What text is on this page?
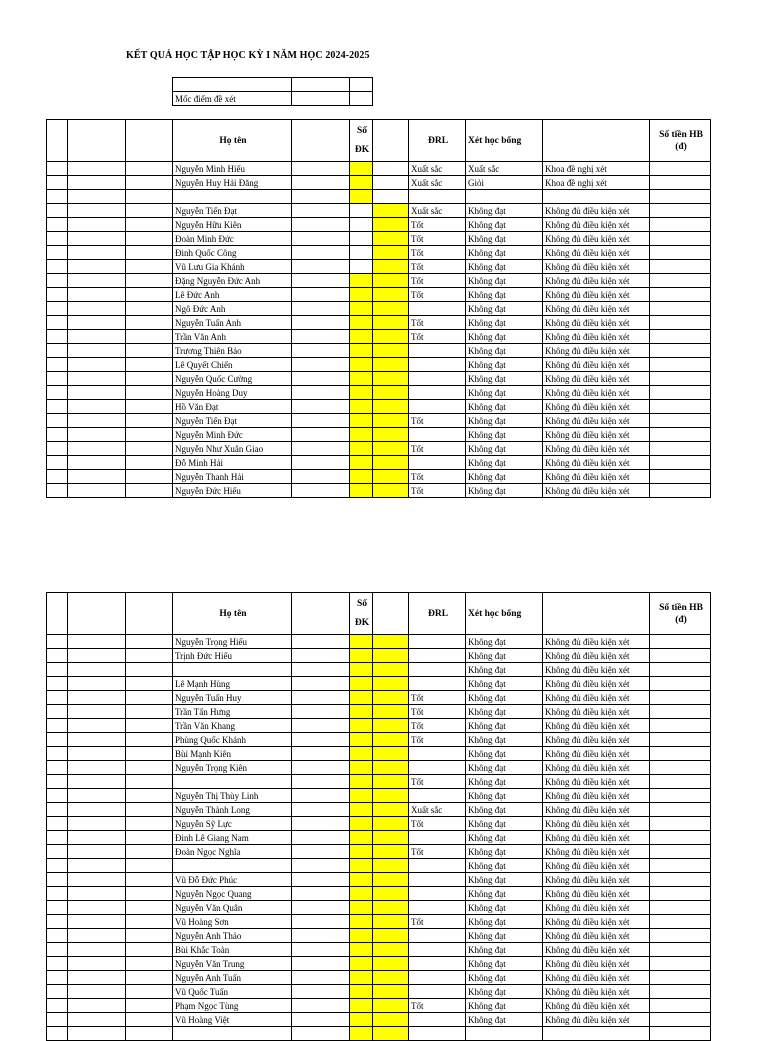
KẾT QUẢ HỌC TẬP HỌC KỲ I NĂM HỌC 2024-2025

Mốc điểm đề xét		
			Họ tên		Số
ĐK		ĐRL	Xét học bổng		Số tiền HB
(đ)
			Nguyễn Minh Hiếu				Xuất sắc	Xuất sắc	Khoa đề nghị xét	
			Nguyễn Huy Hải Đăng				Xuất sắc	Giỏi	Khoa đề nghị xét	

			Nguyễn Tiến Đạt				Xuất sắc	Không đạt	Không đủ điều kiện xét	
			Nguyễn Hữu Kiên				Tốt	Không đạt	Không đủ điều kiện xét	
			Đoàn Minh Đức				Tốt	Không đạt	Không đủ điều kiện xét	
			Đinh Quốc Công				Tốt	Không đạt	Không đủ điều kiện xét	
			Vũ Lưu Gia Khánh				Tốt	Không đạt	Không đủ điều kiện xét	
			Đặng Nguyễn Đức Anh				Tốt	Không đạt	Không đủ điều kiện xét	
			Lê Đức Anh				Tốt	Không đạt	Không đủ điều kiện xét	
			Ngô Đức Anh					Không đạt	Không đủ điều kiện xét	
			Nguyễn Tuấn Anh				Tốt	Không đạt	Không đủ điều kiện xét	
			Trần Văn Anh				Tốt	Không đạt	Không đủ điều kiện xét	
			Trương Thiên Bảo					Không đạt	Không đủ điều kiện xét	
			Lê Quyết Chiến					Không đạt	Không đủ điều kiện xét	
			Nguyễn Quốc Cường					Không đạt	Không đủ điều kiện xét	
			Nguyễn Hoàng Duy					Không đạt	Không đủ điều kiện xét	
			Hồ Văn Đạt					Không đạt	Không đủ điều kiện xét	
			Nguyễn Tiến Đạt				Tốt	Không đạt	Không đủ điều kiện xét	
			Nguyễn Minh Đức					Không đạt	Không đủ điều kiện xét	
			Nguyễn Như Xuân Giao				Tốt	Không đạt	Không đủ điều kiện xét	
			Đỗ Minh Hải					Không đạt	Không đủ điều kiện xét	
			Nguyễn Thanh Hải				Tốt	Không đạt	Không đủ điều kiện xét	
			Nguyễn Đức Hiếu				Tốt	Không đạt	Không đủ điều kiện xét	
			Họ tên		Số
ĐK		ĐRL	Xét học bổng		Số tiền HB
(đ)
			Nguyễn Trọng Hiếu					Không đạt	Không đủ điều kiện xét	
			Trịnh Đức Hiếu					Không đạt	Không đủ điều kiện xét	
								Không đạt	Không đủ điều kiện xét	
			Lê Mạnh Hùng					Không đạt	Không đủ điều kiện xét	
			Nguyễn Tuấn Huy				Tốt	Không đạt	Không đủ điều kiện xét	
			Trần Tấn Hưng				Tốt	Không đạt	Không đủ điều kiện xét	
			Trần Văn Khang				Tốt	Không đạt	Không đủ điều kiện xét	
			Phùng Quốc Khánh				Tốt	Không đạt	Không đủ điều kiện xét	
			Bùi Mạnh Kiên					Không đạt	Không đủ điều kiện xét	
			Nguyễn Trọng Kiên					Không đạt	Không đủ điều kiện xét	
							Tốt	Không đạt	Không đủ điều kiện xét	
			Nguyễn Thị Thùy Linh					Không đạt	Không đủ điều kiện xét	
			Nguyễn Thành Long				Xuất sắc	Không đạt	Không đủ điều kiện xét	
			Nguyễn Sỹ Lực				Tốt	Không đạt	Không đủ điều kiện xét	
			Đinh Lê Giang Nam					Không đạt	Không đủ điều kiện xét	
			Đoàn Ngọc Nghĩa				Tốt	Không đạt	Không đủ điều kiện xét	
								Không đạt	Không đủ điều kiện xét	
			Vũ Đỗ Đức Phúc					Không đạt	Không đủ điều kiện xét	
			Nguyễn Ngọc Quang					Không đạt	Không đủ điều kiện xét	
			Nguyễn Văn Quân					Không đạt	Không đủ điều kiện xét	
			Vũ Hoàng Sơn				Tốt	Không đạt	Không đủ điều kiện xét	
			Nguyễn Anh Thảo					Không đạt	Không đủ điều kiện xét	
			Bùi Khắc Toàn					Không đạt	Không đủ điều kiện xét	
			Nguyễn Văn Trung					Không đạt	Không đủ điều kiện xét	
			Nguyễn Anh Tuấn					Không đạt	Không đủ điều kiện xét	
			Vũ Quốc Tuấn					Không đạt	Không đủ điều kiện xét	
			Phạm Ngọc Tùng				Tốt	Không đạt	Không đủ điều kiện xét	
			Vũ Hoàng Việt					Không đạt	Không đủ điều kiện xét	
